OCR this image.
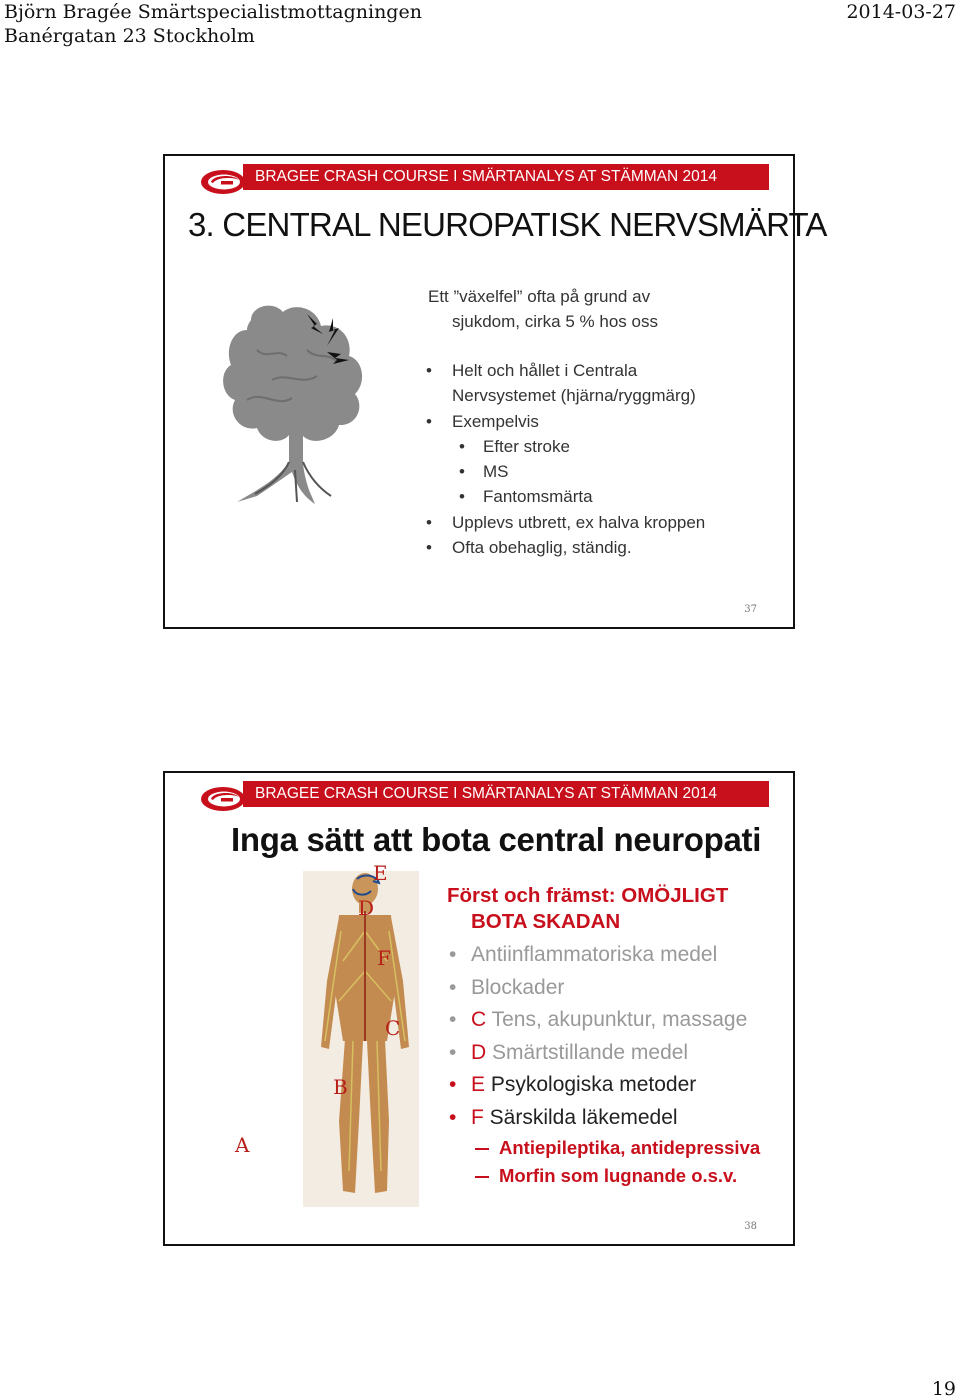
Björn Bragée Smärtspecialistmottagningen
Banérgatan 23 Stockholm
2014-03-27
BRAGEE CRASH COURSE I SMÄRTANALYS AT STÄMMAN 2014
3. CENTRAL NEUROPATISK NERVSMÄRTA
Ett ”växelfel” ofta på grund av
sjukdom, cirka 5 % hos oss
• Helt och hållet i Centrala
Nervsystemet (hjärna/ryggmärg)
• Exempelvis
• Efter stroke
• MS
• Fantomsmärta
• Upplevs utbrett, ex halva kroppen
• Ofta obehaglig, ständig.
37
BRAGEE CRASH COURSE I SMÄRTANALYS AT STÄMMAN 2014
Inga sätt att bota central neuropati
E
D
F
C
B
A
Först och främst: OMÖJLIGT
BOTA SKADAN
• Antiinflammatoriska medel
• Blockader
• C Tens, akupunktur, massage
• D Smärtstillande medel
• E Psykologiska metoder
• F Särskilda läkemedel
Antiepileptika, antidepressiva
Morfin som lugnande o.s.v.
38
19
